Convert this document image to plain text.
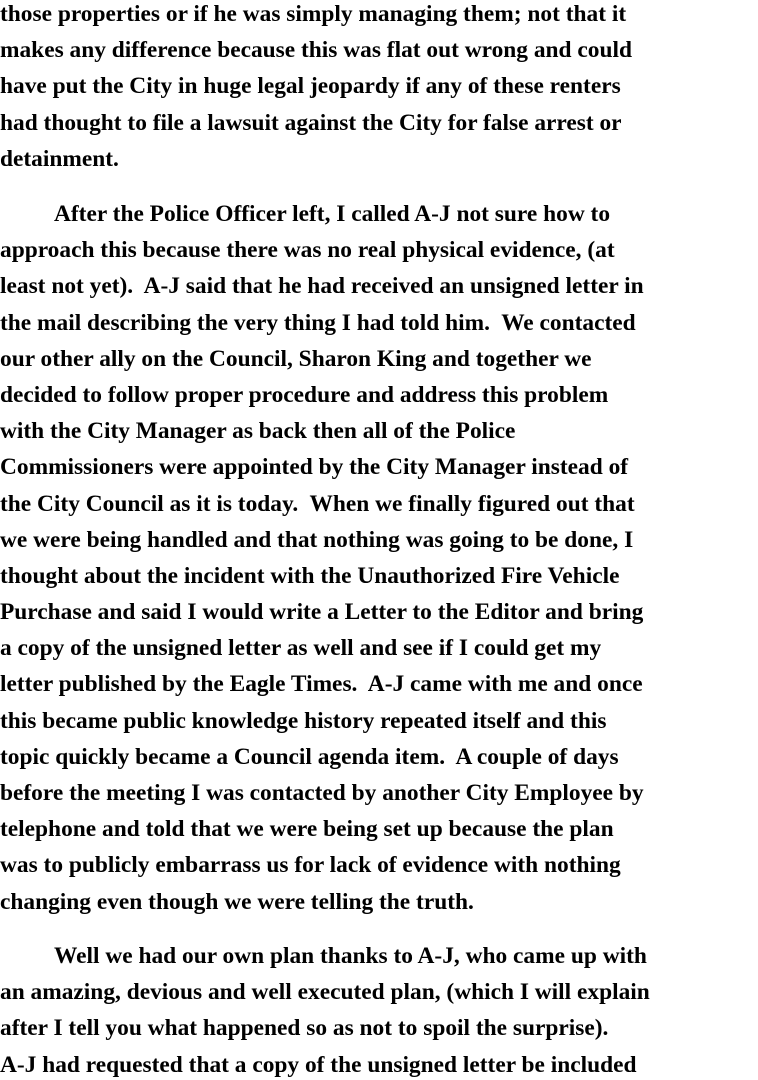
those properties or if he was simply managing them; not that it
makes any difference because this was flat out wrong and could
have put the City in huge legal jeopardy if any of these renters
had thought to file a lawsuit against the City for false arrest or
detainment.
After the Police Officer left, I called A-J not sure how to
approach this because there was no real physical evidence, (at
least not yet).  A-J said that he had received an unsigned letter in
the mail describing the very thing I had told him.  We contacted
our other ally on the Council, Sharon King and together we
decided to follow proper procedure and address this problem
with the City Manager as back then all of the Police
Commissioners were appointed by the City Manager instead of
the City Council as it is today.  When we finally figured out that
we were being handled and that nothing was going to be done, I
thought about the incident with the Unauthorized Fire Vehicle
Purchase and said I would write a Letter to the Editor and bring
a copy of the unsigned letter as well and see if I could get my
letter published by the Eagle Times.  A-J came with me and once
this became public knowledge history repeated itself and this
topic quickly became a Council agenda item.  A couple of days
before the meeting I was contacted by another City Employee by
telephone and told that we were being set up because the plan
was to publicly embarrass us for lack of evidence with nothing
changing even though we were telling the truth.
Well we had our own plan thanks to A-J, who came up with
an amazing, devious and well executed plan, (which I will explain
after I tell you what happened so as not to spoil the surprise).
A-J had requested that a copy of the unsigned letter be included
